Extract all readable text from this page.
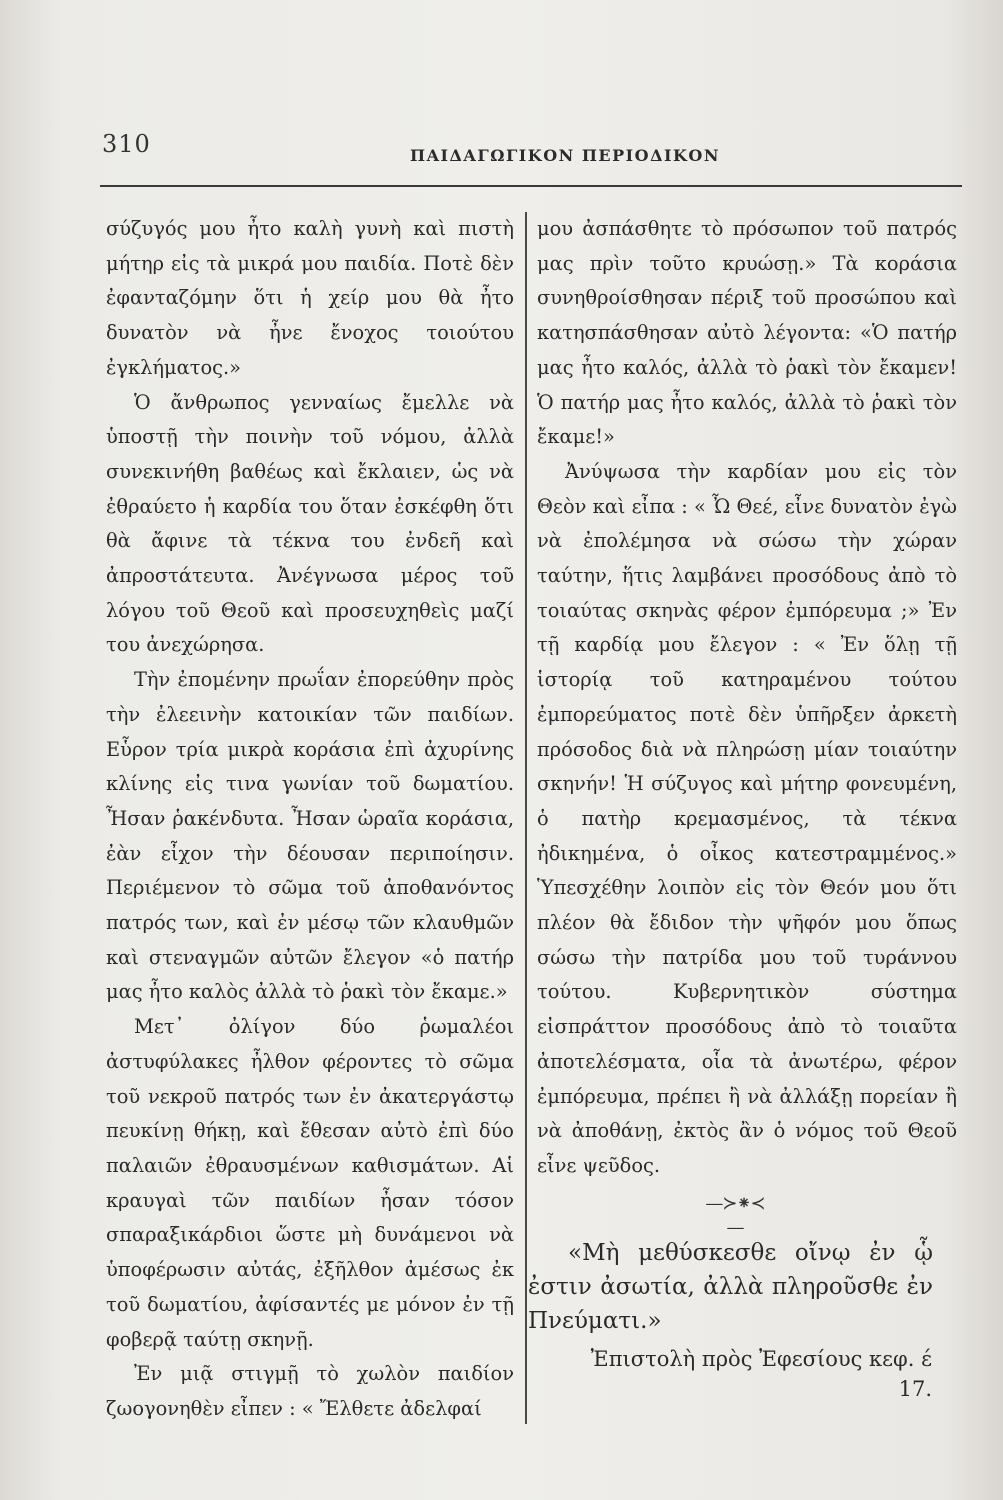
310	ΠΑΙΔΑΓΩΓΙΚΟΝ ΠΕΡΙΟΔΙΚΟΝ

σύζυγός μου ἦτο καλὴ γυνὴ καὶ πιστὴ μήτηρ εἰς τὰ μικρά μου παιδία. Ποτὲ δὲν ἐφανταζόμην ὅτι ἡ χείρ μου θὰ ἦτο δυνατὸν νὰ ἦνε ἔνοχος τοιούτου ἐγκλήματος.»

Ὁ ἄνθρωπος γενναίως ἔμελλε νὰ ὑποστῇ τὴν ποινὴν τοῦ νόμου, ἀλλὰ συνεκινήθη βαθέως καὶ ἔκλαιεν, ὡς νὰ ἐθραύετο ἡ καρδία του ὅταν ἐσκέφθη ὅτι θὰ ἄφινε τὰ τέκνα του ἐνδεῆ καὶ ἀπροστάτευτα. Ἀνέγνωσα μέρος τοῦ λόγου τοῦ Θεοῦ καὶ προσευχηθεὶς μαζί του ἀνεχώρησα.

Τὴν ἐπομένην πρωΐαν ἐπορεύθην πρὸς τὴν ἐλεεινὴν κατοικίαν τῶν παιδίων. Εὗρον τρία μικρὰ κοράσια ἐπὶ ἀχυρίνης κλίνης εἰς τινα γωνίαν τοῦ δωματίου. Ἦσαν ῥακένδυτα. Ἦσαν ὡραῖα κοράσια, ἐὰν εἶχον τὴν δέουσαν περιποίησιν. Περιέμενον τὸ σῶμα τοῦ ἀποθανόντος πατρός των, καὶ ἐν μέσῳ τῶν κλαυθμῶν καὶ στεναγμῶν αὐτῶν ἔλεγον «ὁ πατήρ μας ἦτο καλὸς ἀλλὰ τὸ ῥακὶ τὸν ἔκαμε.»

Μετ᾽ ὀλίγον δύο ῥωμαλέοι ἀστυφύλακες ἦλθον φέροντες τὸ σῶμα τοῦ νεκροῦ πατρός των ἐν ἀκατεργάστῳ πευκίνῃ θήκῃ, καὶ ἔθεσαν αὐτὸ ἐπὶ δύο παλαιῶν ἐθραυσμένων καθισμάτων. Αἱ κραυγαὶ τῶν παιδίων ἦσαν τόσον σπαραξικάρδιοι ὥστε μὴ δυνάμενοι νὰ ὑποφέρωσιν αὐτάς, ἐξῆλθον ἀμέσως ἐκ τοῦ δωματίου, ἀφίσαντές με μόνον ἐν τῇ φοβερᾷ ταύτῃ σκηνῇ.

Ἐν μιᾷ στιγμῇ τὸ χωλὸν παιδίον ζωογονηθὲν εἶπεν : « Ἔλθετε ἀδελφαί

μου ἀσπάσθητε τὸ πρόσωπον τοῦ πατρός μας πρὶν τοῦτο κρυώσῃ.» Τὰ κοράσια συνηθροίσθησαν πέριξ τοῦ προσώπου καὶ κατησπάσθησαν αὐτὸ λέγοντα: «Ὁ πατήρ μας ἦτο καλός, ἀλλὰ τὸ ῥακὶ τὸν ἔκαμεν! Ὁ πατήρ μας ἦτο καλός, ἀλλὰ τὸ ῥακὶ τὸν ἔκαμε!»

Ἀνύψωσα τὴν καρδίαν μου εἰς τὸν Θεὸν καὶ εἶπα : « Ὦ Θεέ, εἶνε δυνατὸν ἐγὼ νὰ ἐπολέμησα νὰ σώσω τὴν χώραν ταύτην, ἥτις λαμβάνει προσόδους ἀπὸ τὸ τοιαύτας σκηνὰς φέρον ἐμπόρευμα ;» Ἐν τῇ καρδίᾳ μου ἔλεγον : « Ἐν ὅλῃ τῇ ἱστορίᾳ τοῦ κατηραμένου τούτου ἐμπορεύματος ποτὲ δὲν ὑπῆρξεν ἀρκετὴ πρόσοδος διὰ νὰ πληρώσῃ μίαν τοιαύτην σκηνήν! Ἡ σύζυγος καὶ μήτηρ φονευμένη, ὁ πατὴρ κρεμασμένος, τὰ τέκνα ἠδικημένα, ὁ οἶκος κατεστραμμένος.» Ὑπεσχέθην λοιπὸν εἰς τὸν Θεόν μου ὅτι πλέον θὰ ἔδιδον τὴν ψῆφόν μου ὅπως σώσω τὴν πατρίδα μου τοῦ τυράννου τούτου. Κυβερνητικὸν σύστημα εἰσπράττον προσόδους ἀπὸ τὸ τοιαῦτα ἀποτελέσματα, οἷα τὰ ἀνωτέρω, φέρον ἐμπόρευμα, πρέπει ἢ νὰ ἀλλάξῃ πορείαν ἢ νὰ ἀποθάνῃ, ἐκτὸς ἂν ὁ νόμος τοῦ Θεοῦ εἶνε ψεῦδος.

—≻⁕≺—

«Μὴ μεθύσκεσθε οἴνῳ ἐν ᾧ ἐστιν ἀσωτία, ἀλλὰ πληροῦσθε ἐν Πνεύματι.»

Ἐπιστολὴ πρὸς Ἐφεσίους κεφ. έ 17.
